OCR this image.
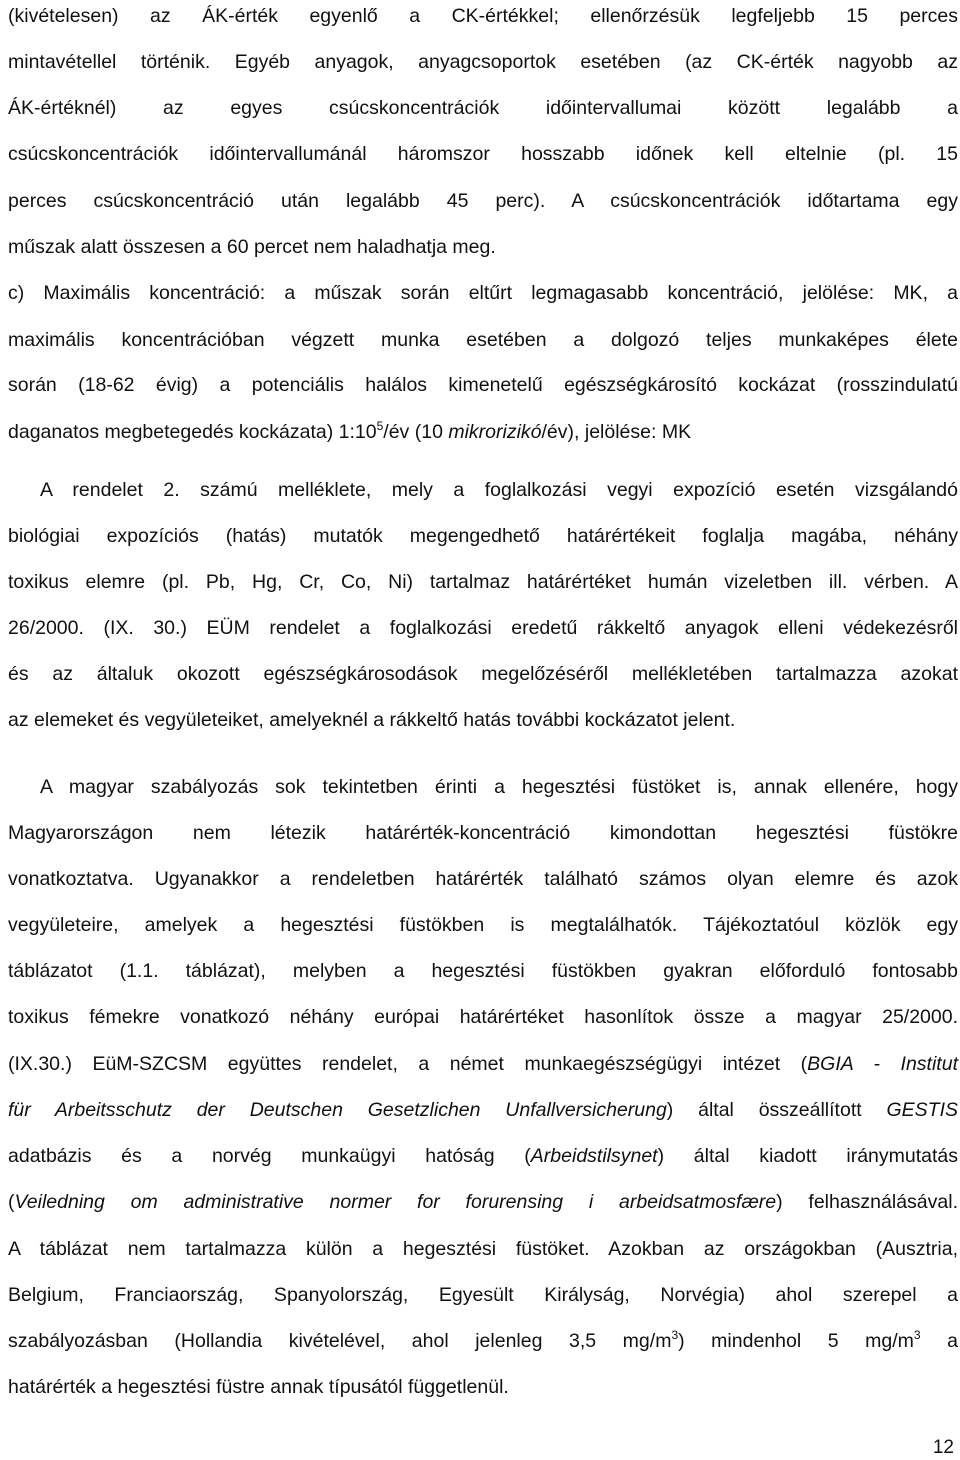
(kivételesen) az ÁK-érték egyenlő a CK-értékkel; ellenőrzésük legfeljebb 15 perces
mintavétellel történik. Egyéb anyagok, anyagcsoportok esetében (az CK-érték nagyobb az
ÁK-értéknél) az egyes csúcskoncentrációk időintervallumai között legalább a
csúcskoncentrációk időintervallumánál háromszor hosszabb időnek kell eltelnie (pl. 15
perces csúcskoncentráció után legalább 45 perc). A csúcskoncentrációk időtartama egy
műszak alatt összesen a 60 percet nem haladhatja meg.
c) Maximális koncentráció: a műszak során eltűrt legmagasabb koncentráció, jelölése: MK, a
maximális koncentrációban végzett munka esetében a dolgozó teljes munkaképes élete
során (18-62 évig) a potenciális halálos kimenetelű egészségkárosító kockázat (rosszindulatú
daganatos megbetegedés kockázata) $1:10^5/év$ (10 mikrorizikó/év), jelölése: MK
A rendelet 2. számú melléklete, mely a foglalkozási vegyi expozíció esetén vizsgálandó
biológiai expozíciós (hatás) mutatók megengedhető határértékeit foglalja magába, néhány
toxikus elemre (pl. Pb, Hg, Cr, Co, Ni) tartalmaz határértéket humán vizeletben ill. vérben. A
26/2000. (IX. 30.) EÜM rendelet a foglalkozási eredetű rákkeltő anyagok elleni védekezésről
és az általuk okozott egészségkárosodások megelőzéséről mellékletében tartalmazza azokat
az elemeket és vegyületeiket, amelyeknél a rákkeltő hatás további kockázatot jelent.
A magyar szabályozás sok tekintetben érinti a hegesztési füstöket is, annak ellenére, hogy
Magyarországon nem létezik határérték-koncentráció kimondottan hegesztési füstökre
vonatkoztatva. Ugyanakkor a rendeletben határérték található számos olyan elemre és azok
vegyületeire, amelyek a hegesztési füstökben is megtalálhatók. Tájékoztatóul közlök egy
táblázatot (1.1. táblázat), melyben a hegesztési füstökben gyakran előforduló fontosabb
toxikus fémekre vonatkozó néhány európai határértéket hasonlítok össze a magyar 25/2000.
(IX.30.) EüM-SZCSM együttes rendelet, a német munkaegészségügyi intézet (BGIA - Institut
für Arbeitsschutz der Deutschen Gesetzlichen Unfallversicherung) által összeállított GESTIS
adatbázis és a norvég munkaügyi hatóság (Arbeidstilsynet) által kiadott iránymutatás
(Veiledning om administrative normer for forurensing i arbeidsatmosfære) felhasználásával.
A táblázat nem tartalmazza külön a hegesztési füstöket. Azokban az országokban (Ausztria,
Belgium, Franciaország, Spanyolország, Egyesült Királyság, Norvégia) ahol szerepel a
szabályozásban (Hollandia kivételével, ahol jelenleg 3,5 $mg/m^3$) mindenhol 5 $mg/m^3$ a
határérték a hegesztési füstre annak típusától függetlenül.
12
